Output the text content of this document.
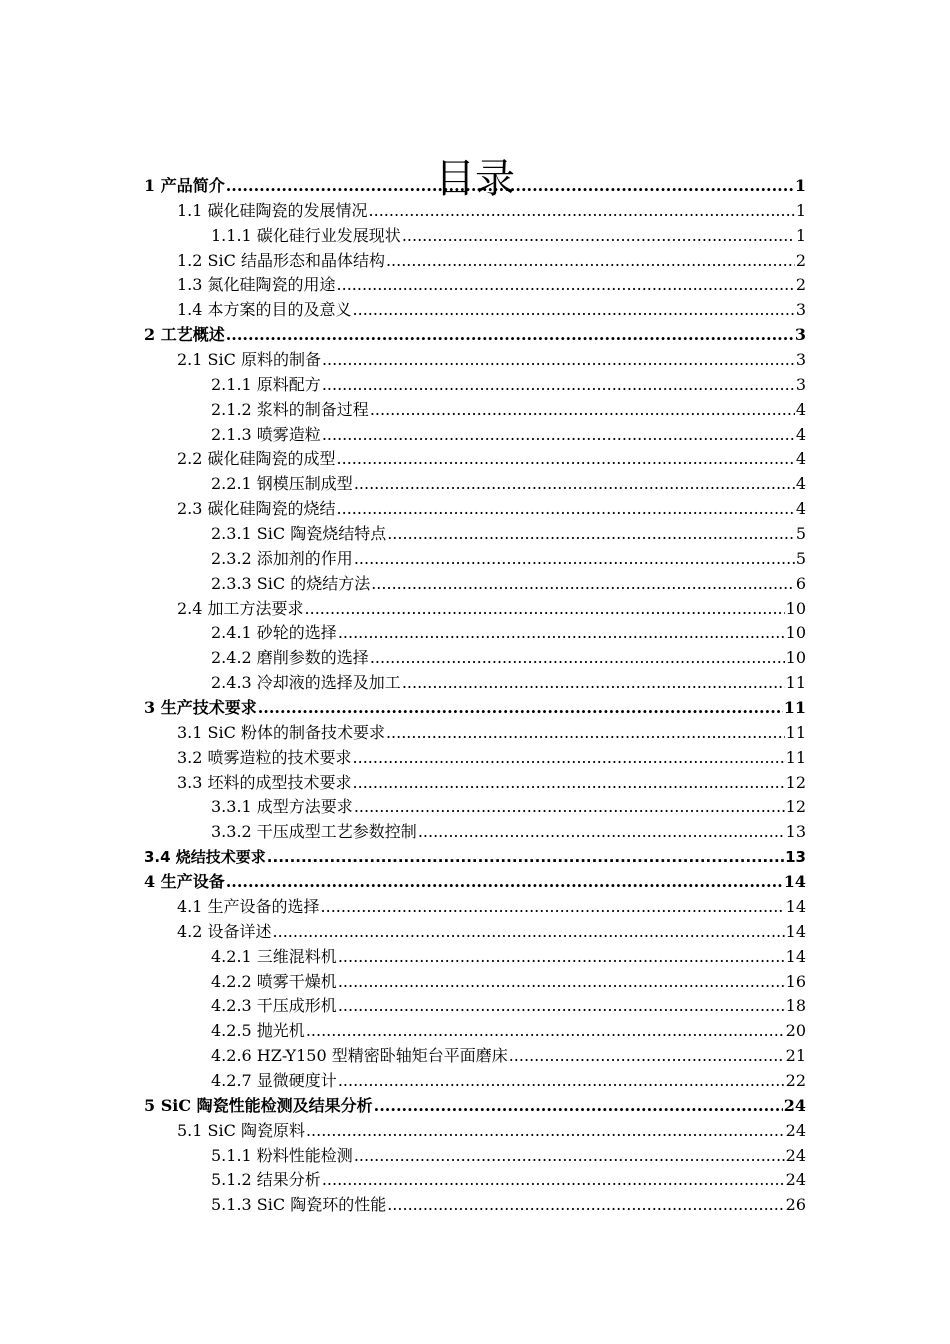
目录
1 产品简介 .....	1
1.1 碳化硅陶瓷的发展情况 .....	1
1.1.1 碳化硅行业发展现状 .....	1
1.2 SiC 结晶形态和晶体结构 .....	2
1.3 氮化硅陶瓷的用途 .....	2
1.4 本方案的目的及意义 .....	3
2 工艺概述 .....	3
2.1 SiC 原料的制备 .....	3
2.1.1 原料配方 .....	3
2.1.2 浆料的制备过程 .....	4
2.1.3 喷雾造粒 .....	4
2.2 碳化硅陶瓷的成型 .....	4
2.2.1 钢模压制成型 .....	4
2.3 碳化硅陶瓷的烧结 .....	4
2.3.1 SiC 陶瓷烧结特点 .....	5
2.3.2 添加剂的作用 .....	5
2.3.3 SiC 的烧结方法 .....	6
2.4 加工方法要求 .....	10
2.4.1 砂轮的选择 .....	10
2.4.2 磨削参数的选择 .....	10
2.4.3 冷却液的选择及加工 .....	11
3 生产技术要求 .....	11
3.1 SiC 粉体的制备技术要求 .....	11
3.2 喷雾造粒的技术要求 .....	11
3.3 坯料的成型技术要求 .....	12
3.3.1 成型方法要求 .....	12
3.3.2 干压成型工艺参数控制 .....	13
3.4 烧结技术要求 .....	13
4 生产设备 .....	14
4.1 生产设备的选择 .....	14
4.2 设备详述 .....	14
4.2.1 三维混料机 .....	14
4.2.2 喷雾干燥机 .....	16
4.2.3 干压成形机 .....	18
4.2.5 抛光机 .....	20
4.2.6 HZ-Y150 型精密卧轴矩台平面磨床 .....	21
4.2.7 显微硬度计 .....	22
5 SiC 陶瓷性能检测及结果分析 .....	24
5.1 SiC 陶瓷原料 .....	24
5.1.1 粉料性能检测 .....	24
5.1.2 结果分析 .....	24
5.1.3 SiC 陶瓷环的性能 .....	26
